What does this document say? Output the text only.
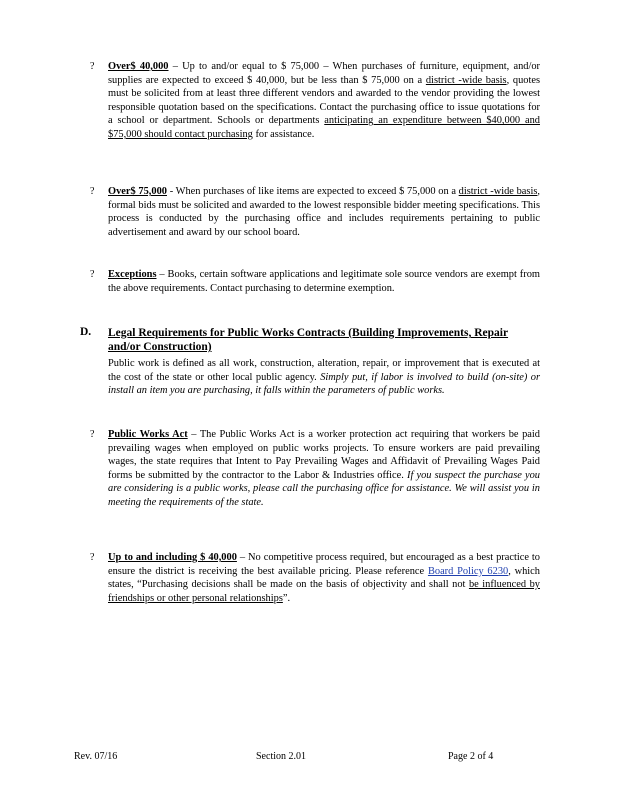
? Over$ 40,000 – Up to and/or equal to $ 75,000 – When purchases of furniture, equipment, and/or supplies are expected to exceed $ 40,000, but be less than $ 75,000 on a district -wide basis, quotes must be solicited from at least three different vendors and awarded to the vendor providing the lowest responsible quotation based on the specifications. Contact the purchasing office to issue quotations for a school or department. Schools or departments anticipating an expenditure between $40,000 and $75,000 should contact purchasing for assistance.

? Over$ 75,000 - When purchases of like items are expected to exceed $ 75,000 on a district -wide basis, formal bids must be solicited and awarded to the lowest responsible bidder meeting specifications. This process is conducted by the purchasing office and includes requirements pertaining to public advertisement and award by our school board.

? Exceptions – Books, certain software applications and legitimate sole source vendors are exempt from the above requirements. Contact purchasing to determine exemption.

D. Legal Requirements for Public Works Contracts (Building Improvements, Repair and/or Construction)

Public work is defined as all work, construction, alteration, repair, or improvement that is executed at the cost of the state or other local public agency. Simply put, if labor is involved to build (on-site) or install an item you are purchasing, it falls within the parameters of public works.

? Public Works Act – The Public Works Act is a worker protection act requiring that workers be paid prevailing wages when employed on public works projects. To ensure workers are paid prevailing wages, the state requires that Intent to Pay Prevailing Wages and Affidavit of Prevailing Wages Paid forms be submitted by the contractor to the Labor & Industries office. If you suspect the purchase you are considering is a public works, please call the purchasing office for assistance. We will assist you in meeting the requirements of the state.

? Up to and including $ 40,000 – No competitive process required, but encouraged as a best practice to ensure the district is receiving the best available pricing. Please reference Board Policy 6230, which states, “Purchasing decisions shall be made on the basis of objectivity and shall not be influenced by friendships or other personal relationships”.

Rev. 07/16	Section 2.01	Page 2 of 4
